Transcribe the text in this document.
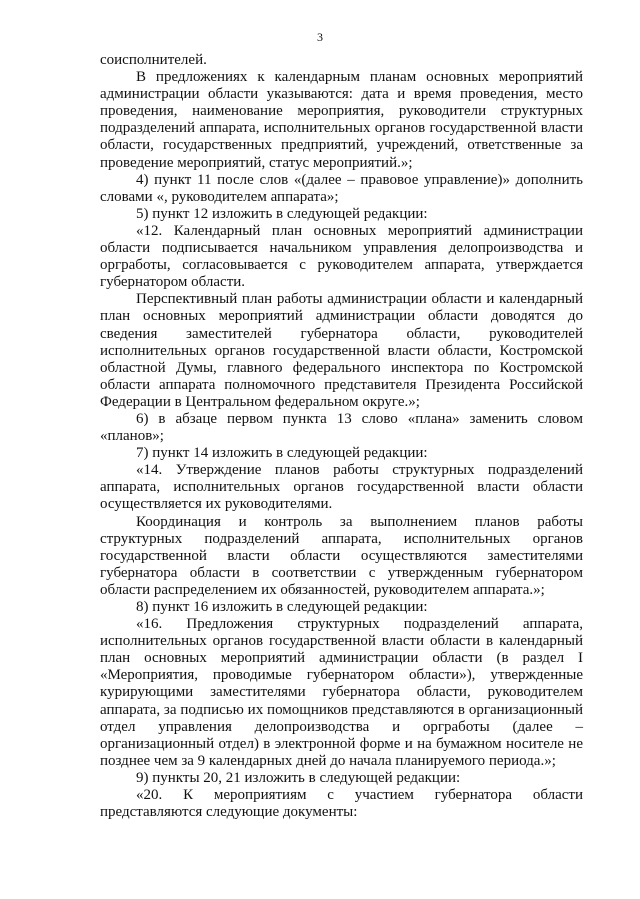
3

соисполнителей.

В предложениях к календарным планам основных мероприятий администрации области указываются: дата и время проведения, место проведения, наименование мероприятия, руководители структурных подразделений аппарата, исполнительных органов государственной власти области, государственных предприятий, учреждений, ответственные за проведение мероприятий, статус мероприятий.»;

4) пункт 11 после слов «(далее – правовое управление)» дополнить словами «, руководителем аппарата»;

5) пункт 12 изложить в следующей редакции:

«12. Календарный план основных мероприятий администрации области подписывается начальником управления делопроизводства и оргработы, согласовывается с руководителем аппарата, утверждается губернатором области.

Перспективный план работы администрации области и календарный план основных мероприятий администрации области доводятся до сведения заместителей губернатора области, руководителей исполнительных органов государственной власти области, Костромской областной Думы, главного федерального инспектора по Костромской области аппарата полномочного представителя Президента Российской Федерации в Центральном федеральном округе.»;

6) в абзаце первом пункта 13 слово «плана» заменить словом «планов»;

7) пункт 14 изложить в следующей редакции:

«14. Утверждение планов работы структурных подразделений аппарата, исполнительных органов государственной власти области осуществляется их руководителями.

Координация и контроль за выполнением планов работы структурных подразделений аппарата, исполнительных органов государственной власти области осуществляются заместителями губернатора области в соответствии с утвержденным губернатором области распределением их обязанностей, руководителем аппарата.»;

8) пункт 16 изложить в следующей редакции:

«16. Предложения структурных подразделений аппарата, исполнительных органов государственной власти области в календарный план основных мероприятий администрации области (в раздел I «Мероприятия, проводимые губернатором области»), утвержденные курирующими заместителями губернатора области, руководителем аппарата, за подписью их помощников представляются в организационный отдел управления делопроизводства и оргработы (далее – организационный отдел) в электронной форме и на бумажном носителе не позднее чем за 9 календарных дней до начала планируемого периода.»;

9) пункты 20, 21 изложить в следующей редакции:

«20. К мероприятиям с участием губернатора области представляются следующие документы:
